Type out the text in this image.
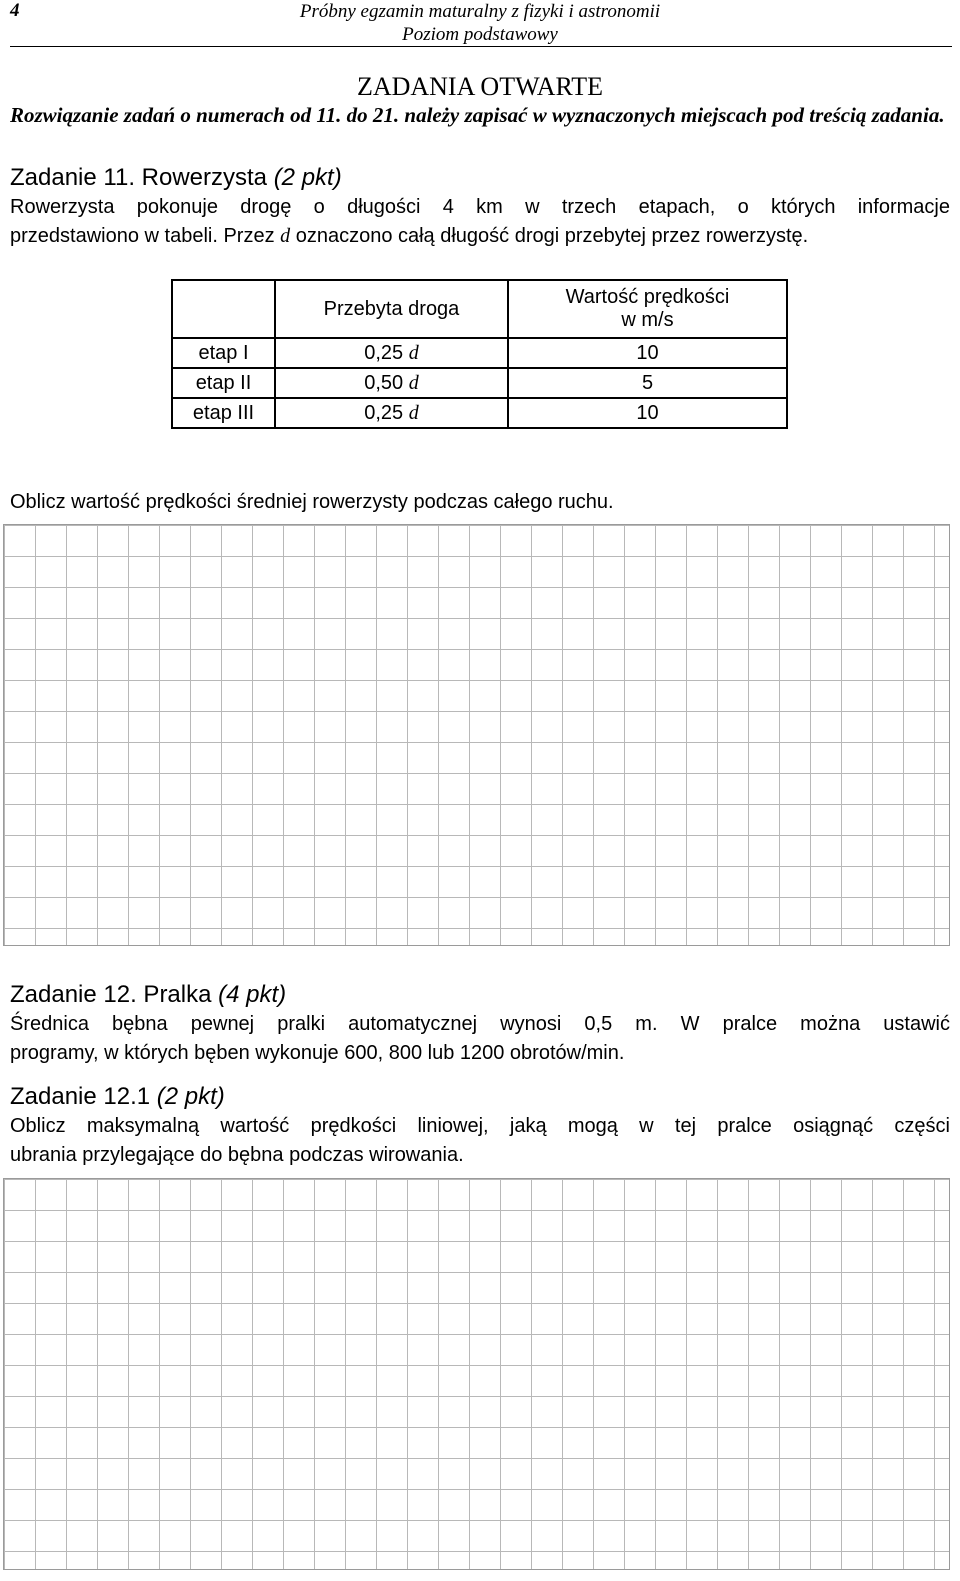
4	Próbny egzamin maturalny z fizyki i astronomii
Poziom podstawowy
ZADANIA OTWARTE
Rozwiązanie zadań o numerach od 11. do 21. należy zapisać w wyznaczonych miejscach pod treścią zadania.
Zadanie 11. Rowerzysta (2 pkt)
Rowerzysta pokonuje drogę o długości 4 km w trzech etapach, o których informacje
przedstawiono w tabeli. Przez d oznaczono całą długość drogi przebytej przez rowerzystę.
	Przebyta droga	Wartość prędkości
w m/s

etap I	0,25 d	10
etap II	0,50 d	5
etap III	0,25 d	10
Oblicz wartość prędkości średniej rowerzysty podczas całego ruchu.
Zadanie 12. Pralka (4 pkt)
Średnica bębna pewnej pralki automatycznej wynosi 0,5 m. W pralce można ustawić
programy, w których bęben wykonuje 600, 800 lub 1200 obrotów/min.
Zadanie 12.1 (2 pkt)
Oblicz maksymalną wartość prędkości liniowej, jaką mogą w tej pralce osiągnąć części
ubrania przylegające do bębna podczas wirowania.
